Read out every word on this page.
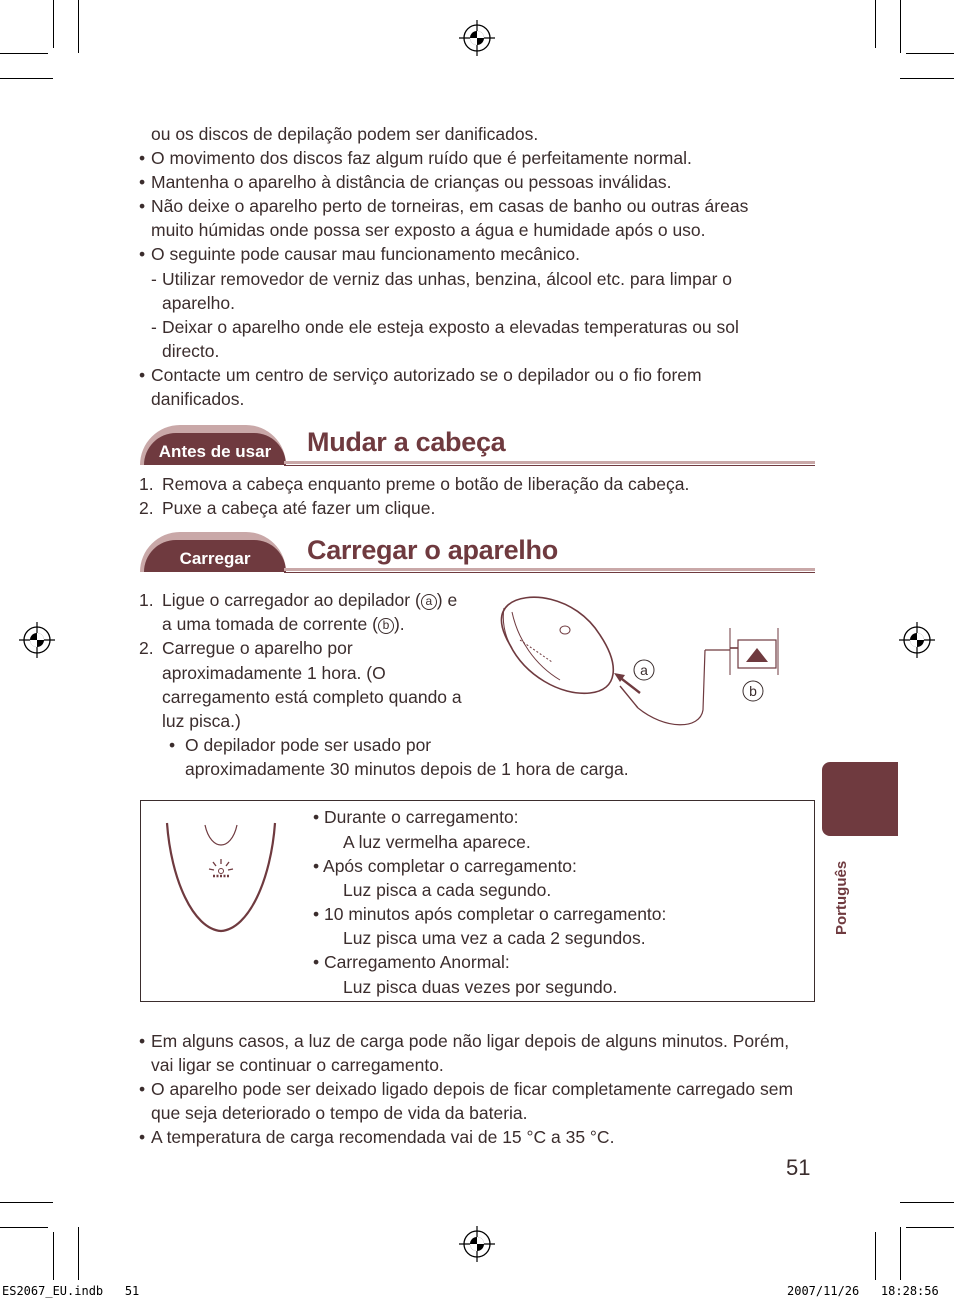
ou os discos de depilação podem ser danificados.
• O movimento dos discos faz algum ruído que é perfeitamente normal.
• Mantenha o aparelho à distância de crianças ou pessoas inválidas.
• Não deixe o aparelho perto de torneiras, em casas de banho ou outras áreas
muito húmidas onde possa ser exposto a água e humidade após o uso.
• O seguinte pode causar mau funcionamento mecânico.
- Utilizar removedor de verniz das unhas, benzina, álcool etc. para limpar o
aparelho.
- Deixar o aparelho onde ele esteja exposto a elevadas temperaturas ou sol
directo.
• Contacte um centro de serviço autorizado se o depilador ou o fio forem
danificados.
Antes de usar	Mudar a cabeça
1. Remova a cabeça enquanto preme o botão de liberação da cabeça.
2. Puxe a cabeça até fazer um clique.
Carregar	Carregar o aparelho
1. Ligue o carregador ao depilador ( a ) e
a uma tomada de corrente ( b ).
2. Carregue o aparelho por
aproximadamente 1 hora. (O
carregamento está completo quando a
luz pisca.)
• O depilador pode ser usado por
aproximadamente 30 minutos depois de 1 hora de carga.
a
b
Português
• Durante o carregamento:
A luz vermelha aparece.
• Após completar o carregamento:
Luz pisca a cada segundo.
• 10 minutos após completar o carregamento:
Luz pisca uma vez a cada 2 segundos.
• Carregamento Anormal:
Luz pisca duas vezes por segundo.
• Em alguns casos, a luz de carga pode não ligar depois de alguns minutos. Porém,
vai ligar se continuar o carregamento.
• O aparelho pode ser deixado ligado depois de ficar completamente carregado sem
que seja deteriorado o tempo de vida da bateria.
• A temperatura de carga recomendada vai de 15 °C a 35 °C.
51
ES2067_EU.indb   51	2007/11/26   18:28:56
